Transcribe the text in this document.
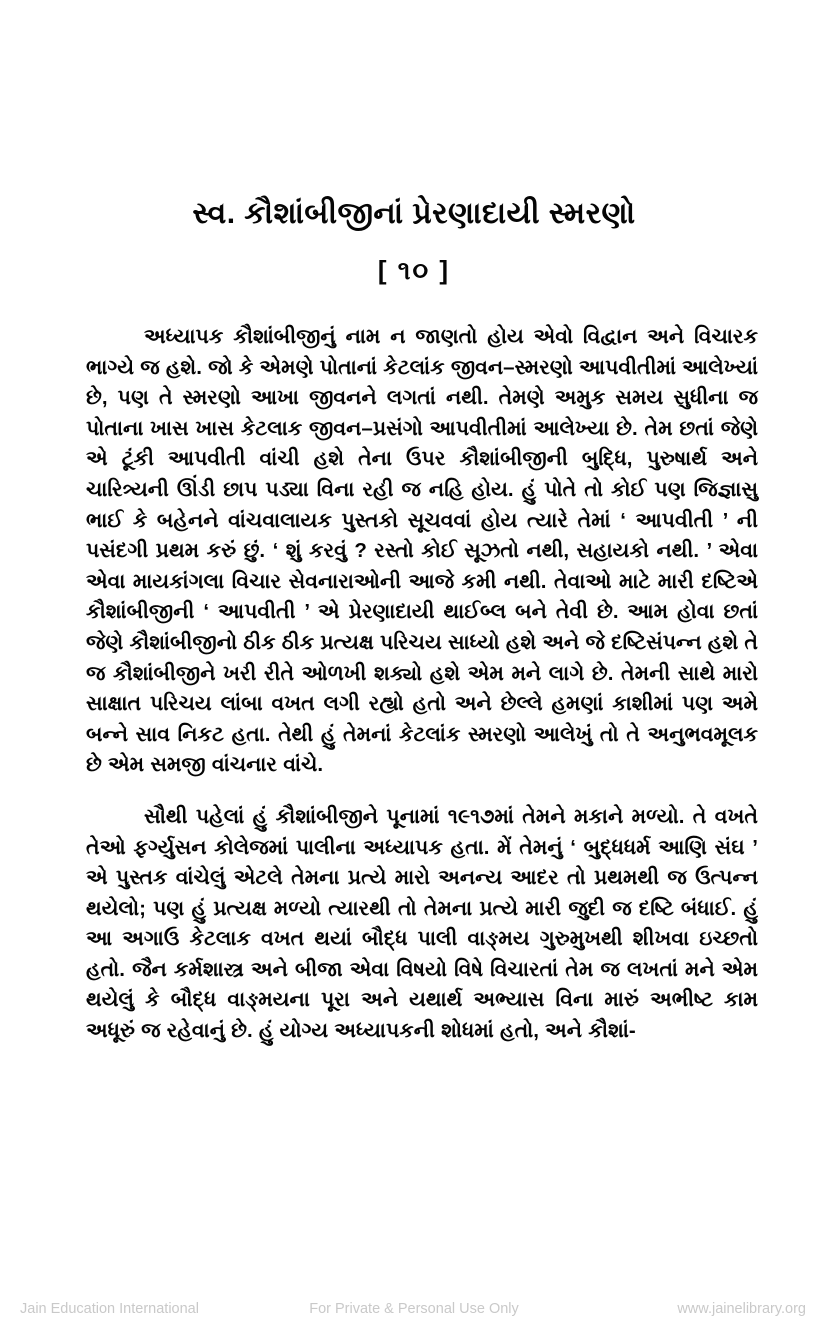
સ્વ. કૌશાંબીજીનાં પ્રેરણાદાયી સ્મરણો
[ ૧૦ ]

અધ્યાપક કૌશાંબીજીનું નામ ન જાણતો હોય એવો વિદ્વાન અને વિચારક ભાગ્યે જ હશે. જો કે એમણે પોતાનાં કેટલાંક જીવન–સ્મરણો આપવીતીમાં આલેખ્યાં છે, પણ તે સ્મરણો આખા જીવનને લગતાં નથી. તેમણે અમુક સમય સુધીના જ પોતાના ખાસ ખાસ કેટલાક જીવન–પ્રસંગો આપવીતીમાં આલેખ્યા છે. તેમ છતાં જેણે એ ટૂંકી આપવીતી વાંચી હશે તેના ઉપર કૌશાંબીજીની બુદ્ધિ, પુરુષાર્થ અને ચારિત્ર્યની ઊંડી છાપ પડ્યા વિના રહી જ નહિ હોય. હું પોતે તો કોઈ પણ જિજ્ઞાસુ ભાઈ કે બહેનને વાંચવાલાયક પુસ્તકો સૂચવવાં હોય ત્યારે તેમાં ‘ આપવીતી ’ ની પસંદગી પ્રથમ કરું છું. ‘ શું કરવું ? રસ્તો કોઈ સૂઝતો નથી, સહાયકો નથી. ’ એવા એવા માયકાંગલા વિચાર સેવનારાઓની આજે કમી નથી. તેવાઓ માટે મારી દષ્ટિએ કૌશાંબીજીની ‘ આપવીતી ’ એ પ્રેરણાદાયી થાઈબ્લ બને તેવી છે. આમ હોવા છતાં જેણે કૌશાંબીજીનો ઠીક ઠીક પ્રત્યક્ષ પરિચય સાધ્યો હશે અને જે દષ્ટિસંપન્ન હશે તે જ કૌશાંબીજીને ખરી રીતે ઓળખી શક્યો હશે એમ મને લાગે છે. તેમની સાથે મારો સાક્ષાત પરિચય લાંબા વખત લગી રહ્યો હતો અને છેલ્લે હમણાં કાશીમાં પણ અમે બન્ને સાવ નિકટ હતા. તેથી હું તેમનાં કેટલાંક સ્મરણો આલેખું તો તે અનુભવમૂલક છે એમ સમજી વાંચનાર વાંચે.

સૌથી પહેલાં હું કૌશાંબીજીને પૂનામાં ૧૯૧૭માં તેમને મકાને મળ્યો. તે વખતે તેઓ ફર્ગ્યુસન કોલેજમાં પાલીના અધ્યાપક હતા. મેં તેમનું ‘ બુદ્ધધર્મ આણિ સંઘ ’ એ પુસ્તક વાંચેલું એટલે તેમના પ્રત્યે મારો અનન્ય આદર તો પ્રથમથી જ ઉત્પન્ન થયેલો; પણ હું પ્રત્યક્ષ મળ્યો ત્યારથી તો તેમના પ્રત્યે મારી જુદી જ દષ્ટિ બંધાઈ. હું આ અગાઉ કેટલાક વખત થયાં બૌદ્ધ પાલી વાઙ્મય ગુરુમુખથી શીખવા ઇચ્છતો હતો. જૈન કર્મશાસ્ત્ર અને બીજા એવા વિષયો વિષે વિચારતાં તેમ જ લખતાં મને એમ થયેલું કે બૌદ્ધ વાઙ્મયના પૂરા અને યથાર્થ અભ્યાસ વિના મારું અભીષ્ટ કામ અધૂરું જ રહેવાનું છે. હું યોગ્ય અધ્યાપકની શોધમાં હતો, અને કૌશાં-

Jain Education International	For Private & Personal Use Only	www.jainelibrary.org
